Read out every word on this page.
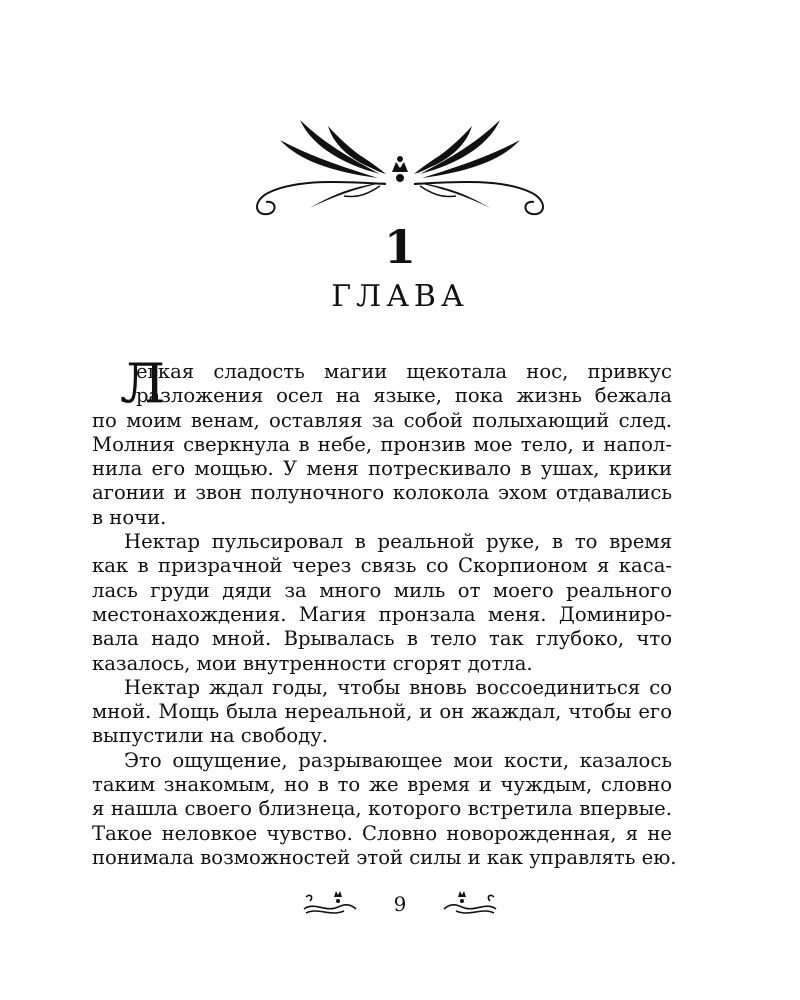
1
ГЛАВА
Л

егкая сладость магии щекотала нос, привкус
разложения осел на языке, пока жизнь бежала
по моим венам, оставляя за собой полыхающий след.
Молния сверкнула в небе, пронзив мое тело, и напол-
нила его мощью. У меня потрескивало в ушах, крики
агонии и звон полуночного колокола эхом отдавались
в ночи.

Нектар пульсировал в реальной руке, в то время
как в призрачной через связь со Скорпионом я каса-
лась груди дяди за много миль от моего реального
местонахождения. Магия пронзала меня. Доминиро-
вала надо мной. Врывалась в тело так глубоко, что
казалось, мои внутренности сгорят дотла.

Нектар ждал годы, чтобы вновь воссоединиться со
мной. Мощь была нереальной, и он жаждал, чтобы его
выпустили на свободу.

Это ощущение, разрывающее мои кости, казалось
таким знакомым, но в то же время и чуждым, словно
я нашла своего близнеца, которого встретила впервые.
Такое неловкое чувство. Словно новорожденная, я не
понимала возможностей этой силы и как управлять ею.

9
